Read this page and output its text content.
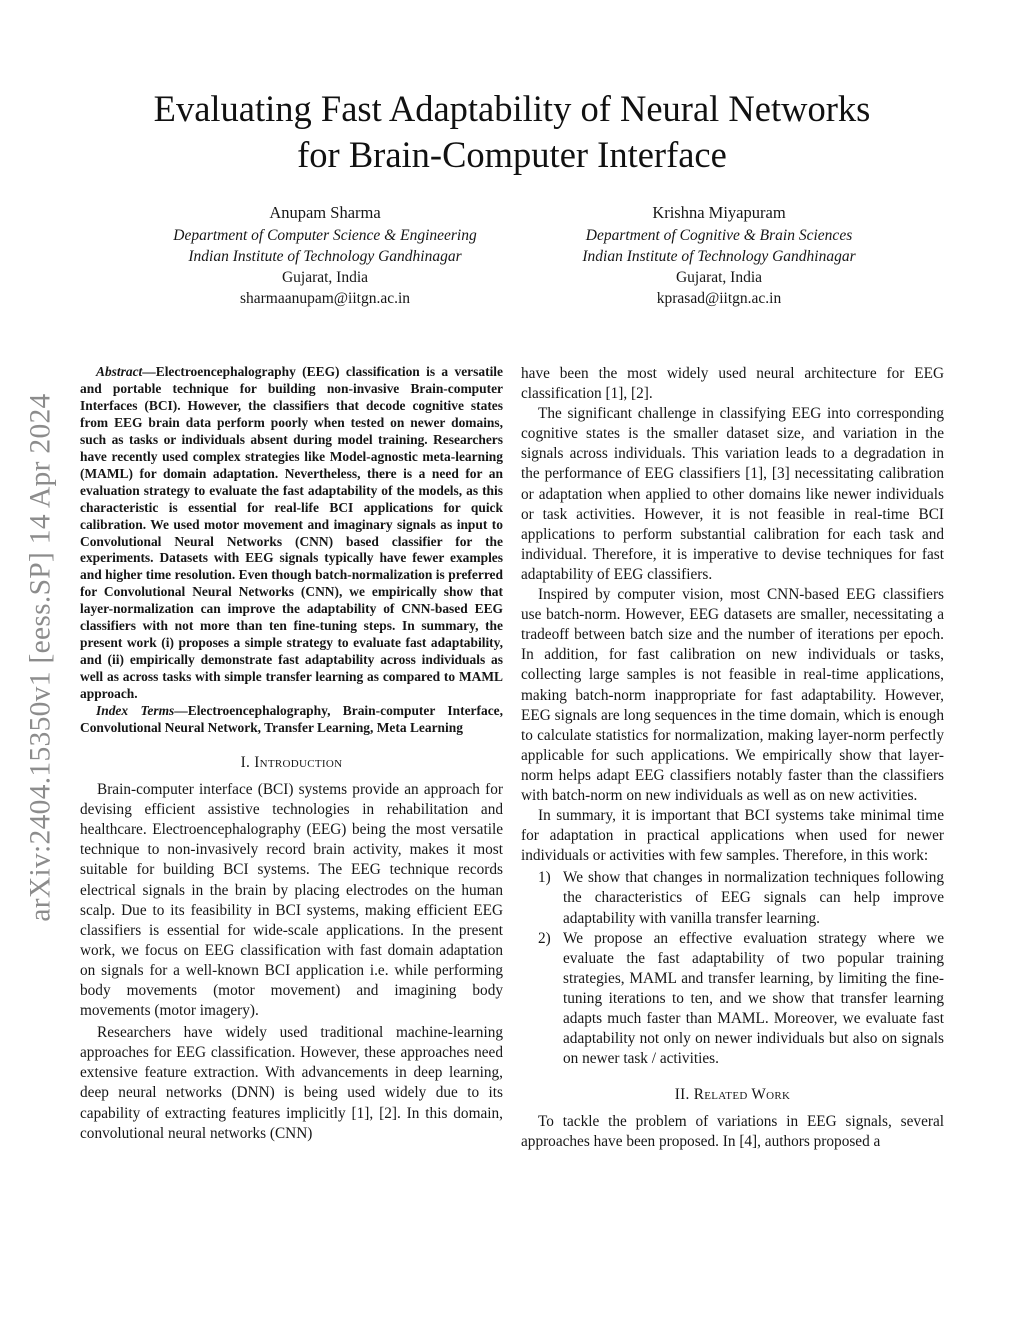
arXiv:2404.15350v1 [eess.SP] 14 Apr 2024
Evaluating Fast Adaptability of Neural Networks
for Brain-Computer Interface
Anupam Sharma
Department of Computer Science & Engineering
Indian Institute of Technology Gandhinagar
Gujarat, India
sharmaanupam@iitgn.ac.in
Krishna Miyapuram
Department of Cognitive & Brain Sciences
Indian Institute of Technology Gandhinagar
Gujarat, India
kprasad@iitgn.ac.in

Abstract—Electroencephalography (EEG) classification is a versatile and portable technique for building non-invasive Brain-computer Interfaces (BCI). However, the classifiers that decode cognitive states from EEG brain data perform poorly when tested on newer domains, such as tasks or individuals absent during model training. Researchers have recently used complex strategies like Model-agnostic meta-learning (MAML) for domain adaptation. Nevertheless, there is a need for an evaluation strategy to evaluate the fast adaptability of the models, as this characteristic is essential for real-life BCI applications for quick calibration. We used motor movement and imaginary signals as input to Convolutional Neural Networks (CNN) based classifier for the experiments. Datasets with EEG signals typically have fewer examples and higher time resolution. Even though batch-normalization is preferred for Convolutional Neural Networks (CNN), we empirically show that layer-normalization can improve the adaptability of CNN-based EEG classifiers with not more than ten fine-tuning steps. In summary, the present work (i) proposes a simple strategy to evaluate fast adaptability, and (ii) empirically demonstrate fast adaptability across individuals as well as across tasks with simple transfer learning as compared to MAML approach.

Index Terms—Electroencephalography, Brain-computer Interface, Convolutional Neural Network, Transfer Learning, Meta Learning

I. Introduction

Brain-computer interface (BCI) systems provide an approach for devising efficient assistive technologies in rehabilitation and healthcare. Electroencephalography (EEG) being the most versatile technique to non-invasively record brain activity, makes it most suitable for building BCI systems. The EEG technique records electrical signals in the brain by placing electrodes on the human scalp. Due to its feasibility in BCI systems, making efficient EEG classifiers is essential for wide-scale applications. In the present work, we focus on EEG classification with fast domain adaptation on signals for a well-known BCI application i.e. while performing body movements (motor movement) and imagining body movements (motor imagery).

Researchers have widely used traditional machine-learning approaches for EEG classification. However, these approaches need extensive feature extraction. With advancements in deep learning, deep neural networks (DNN) is being used widely due to its capability of extracting features implicitly [1], [2]. In this domain, convolutional neural networks (CNN)

have been the most widely used neural architecture for EEG classification [1], [2].

The significant challenge in classifying EEG into corresponding cognitive states is the smaller dataset size, and variation in the signals across individuals. This variation leads to a degradation in the performance of EEG classifiers [1], [3] necessitating calibration or adaptation when applied to other domains like newer individuals or task activities. However, it is not feasible in real-time BCI applications to perform substantial calibration for each task and individual. Therefore, it is imperative to devise techniques for fast adaptability of EEG classifiers.

Inspired by computer vision, most CNN-based EEG classifiers use batch-norm. However, EEG datasets are smaller, necessitating a tradeoff between batch size and the number of iterations per epoch. In addition, for fast calibration on new individuals or tasks, collecting large samples is not feasible in real-time applications, making batch-norm inappropriate for fast adaptability. However, EEG signals are long sequences in the time domain, which is enough to calculate statistics for normalization, making layer-norm perfectly applicable for such applications. We empirically show that layer-norm helps adapt EEG classifiers notably faster than the classifiers with batch-norm on new individuals as well as on new activities.

In summary, it is important that BCI systems take minimal time for adaptation in practical applications when used for newer individuals or activities with few samples. Therefore, in this work:

1) We show that changes in normalization techniques following the characteristics of EEG signals can help improve adaptability with vanilla transfer learning.
2) We propose an effective evaluation strategy where we evaluate the fast adaptability of two popular training strategies, MAML and transfer learning, by limiting the fine-tuning iterations to ten, and we show that transfer learning adapts much faster than MAML. Moreover, we evaluate fast adaptability not only on newer individuals but also on signals on newer task / activities.
II. Related Work

To tackle the problem of variations in EEG signals, several approaches have been proposed. In [4], authors proposed a
